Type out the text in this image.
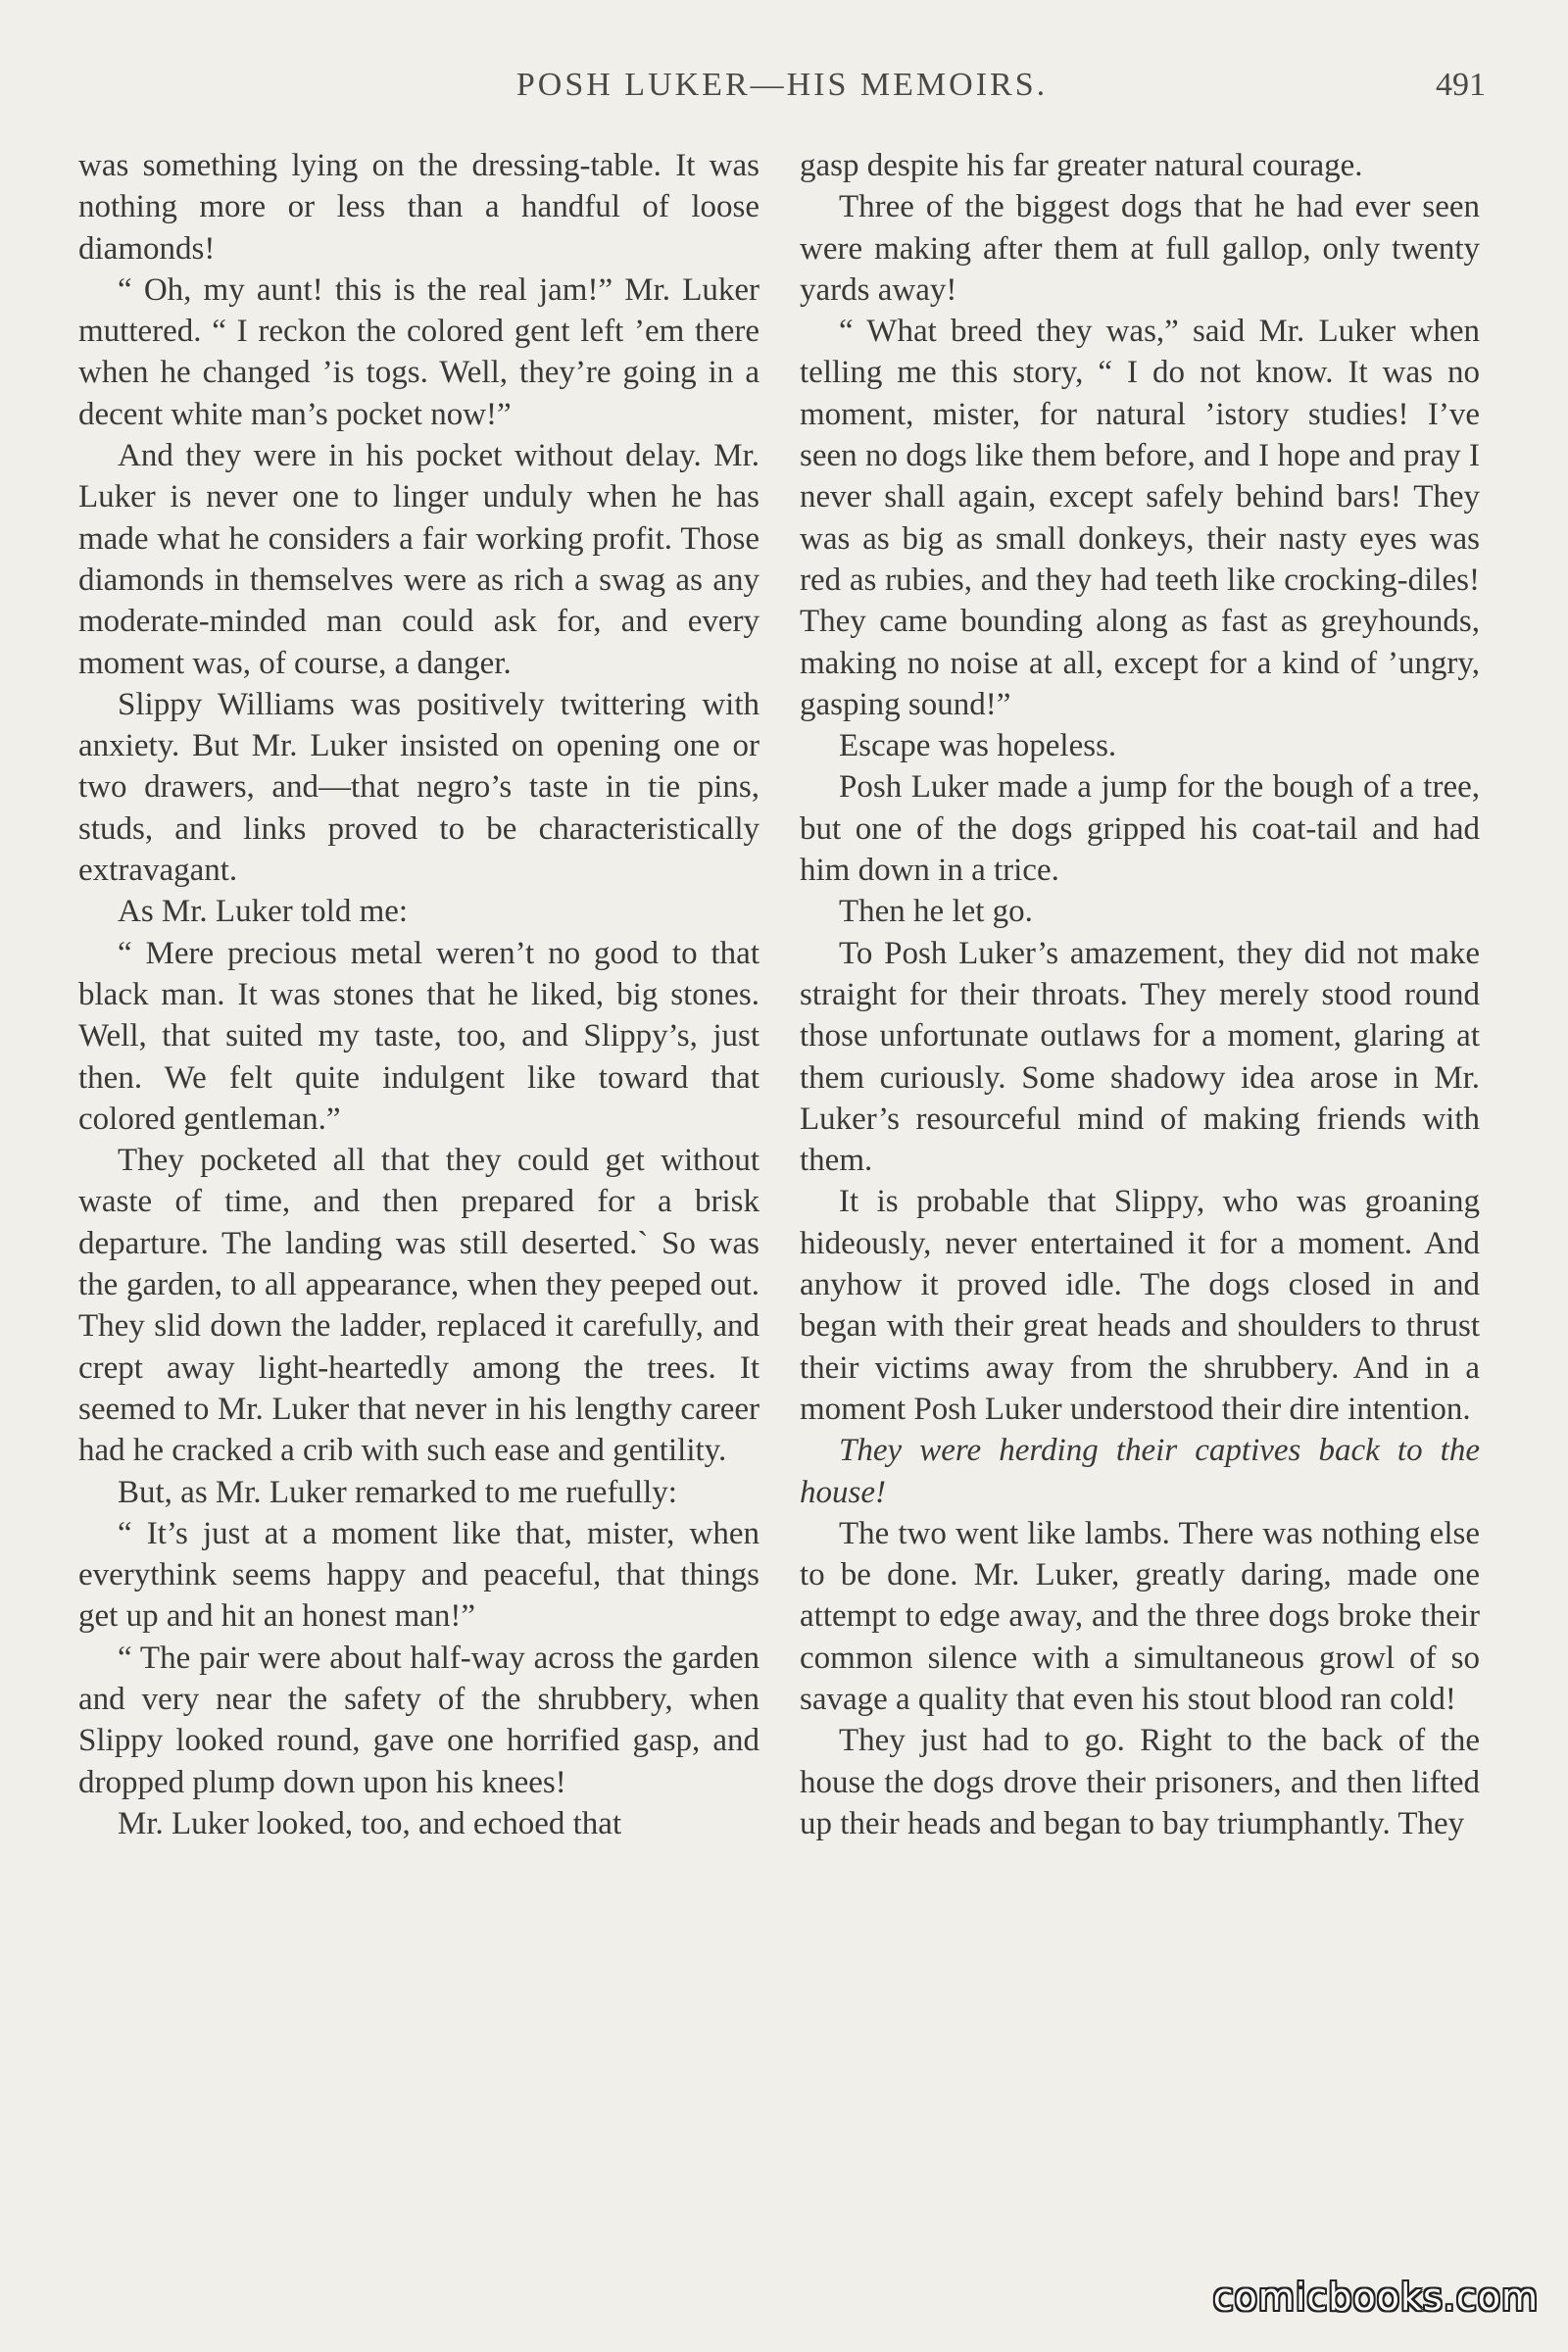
POSH LUKER—HIS MEMOIRS.	491

was something lying on the dressing-table. It was nothing more or less than a handful of loose diamonds!

“ Oh, my aunt! this is the real jam!” Mr. Luker muttered. “ I reckon the colored gent left ’em there when he changed ’is togs. Well, they’re going in a decent white man’s pocket now!”

And they were in his pocket without delay. Mr. Luker is never one to linger unduly when he has made what he considers a fair working profit. Those diamonds in themselves were as rich a swag as any moderate-minded man could ask for, and every moment was, of course, a danger.

Slippy Williams was positively twittering with anxiety. But Mr. Luker insisted on opening one or two drawers, and—that negro’s taste in tie pins, studs, and links proved to be characteristically extravagant.

As Mr. Luker told me:

“ Mere precious metal weren’t no good to that black man. It was stones that he liked, big stones. Well, that suited my taste, too, and Slippy’s, just then. We felt quite indulgent like toward that colored gentleman.”

They pocketed all that they could get without waste of time, and then prepared for a brisk departure. The landing was still deserted.` So was the garden, to all appearance, when they peeped out. They slid down the ladder, replaced it carefully, and crept away light-heartedly among the trees. It seemed to Mr. Luker that never in his lengthy career had he cracked a crib with such ease and gentility.

But, as Mr. Luker remarked to me ruefully:

“ It’s just at a moment like that, mister, when everythink seems happy and peaceful, that things get up and hit an honest man!”

“ The pair were about half-way across the garden and very near the safety of the shrubbery, when Slippy looked round, gave one horrified gasp, and dropped plump down upon his knees!

Mr. Luker looked, too, and echoed that

gasp despite his far greater natural courage.

Three of the biggest dogs that he had ever seen were making after them at full gallop, only twenty yards away!

“ What breed they was,” said Mr. Luker when telling me this story, “ I do not know. It was no moment, mister, for natural ’istory studies! I’ve seen no dogs like them before, and I hope and pray I never shall again, except safely behind bars! They was as big as small donkeys, their nasty eyes was red as rubies, and they had teeth like crocking-diles! They came bounding along as fast as greyhounds, making no noise at all, except for a kind of ’ungry, gasping sound!”

Escape was hopeless.

Posh Luker made a jump for the bough of a tree, but one of the dogs gripped his coat-tail and had him down in a trice.

Then he let go.

To Posh Luker’s amazement, they did not make straight for their throats. They merely stood round those unfortunate outlaws for a moment, glaring at them curiously. Some shadowy idea arose in Mr. Luker’s resourceful mind of making friends with them.

It is probable that Slippy, who was groaning hideously, never entertained it for a moment. And anyhow it proved idle. The dogs closed in and began with their great heads and shoulders to thrust their victims away from the shrubbery. And in a moment Posh Luker understood their dire intention.

They were herding their captives back to the house!

The two went like lambs. There was nothing else to be done. Mr. Luker, greatly daring, made one attempt to edge away, and the three dogs broke their common silence with a simultaneous growl of so savage a quality that even his stout blood ran cold!

They just had to go. Right to the back of the house the dogs drove their prisoners, and then lifted up their heads and began to bay triumphantly. They

comicbooks.com
